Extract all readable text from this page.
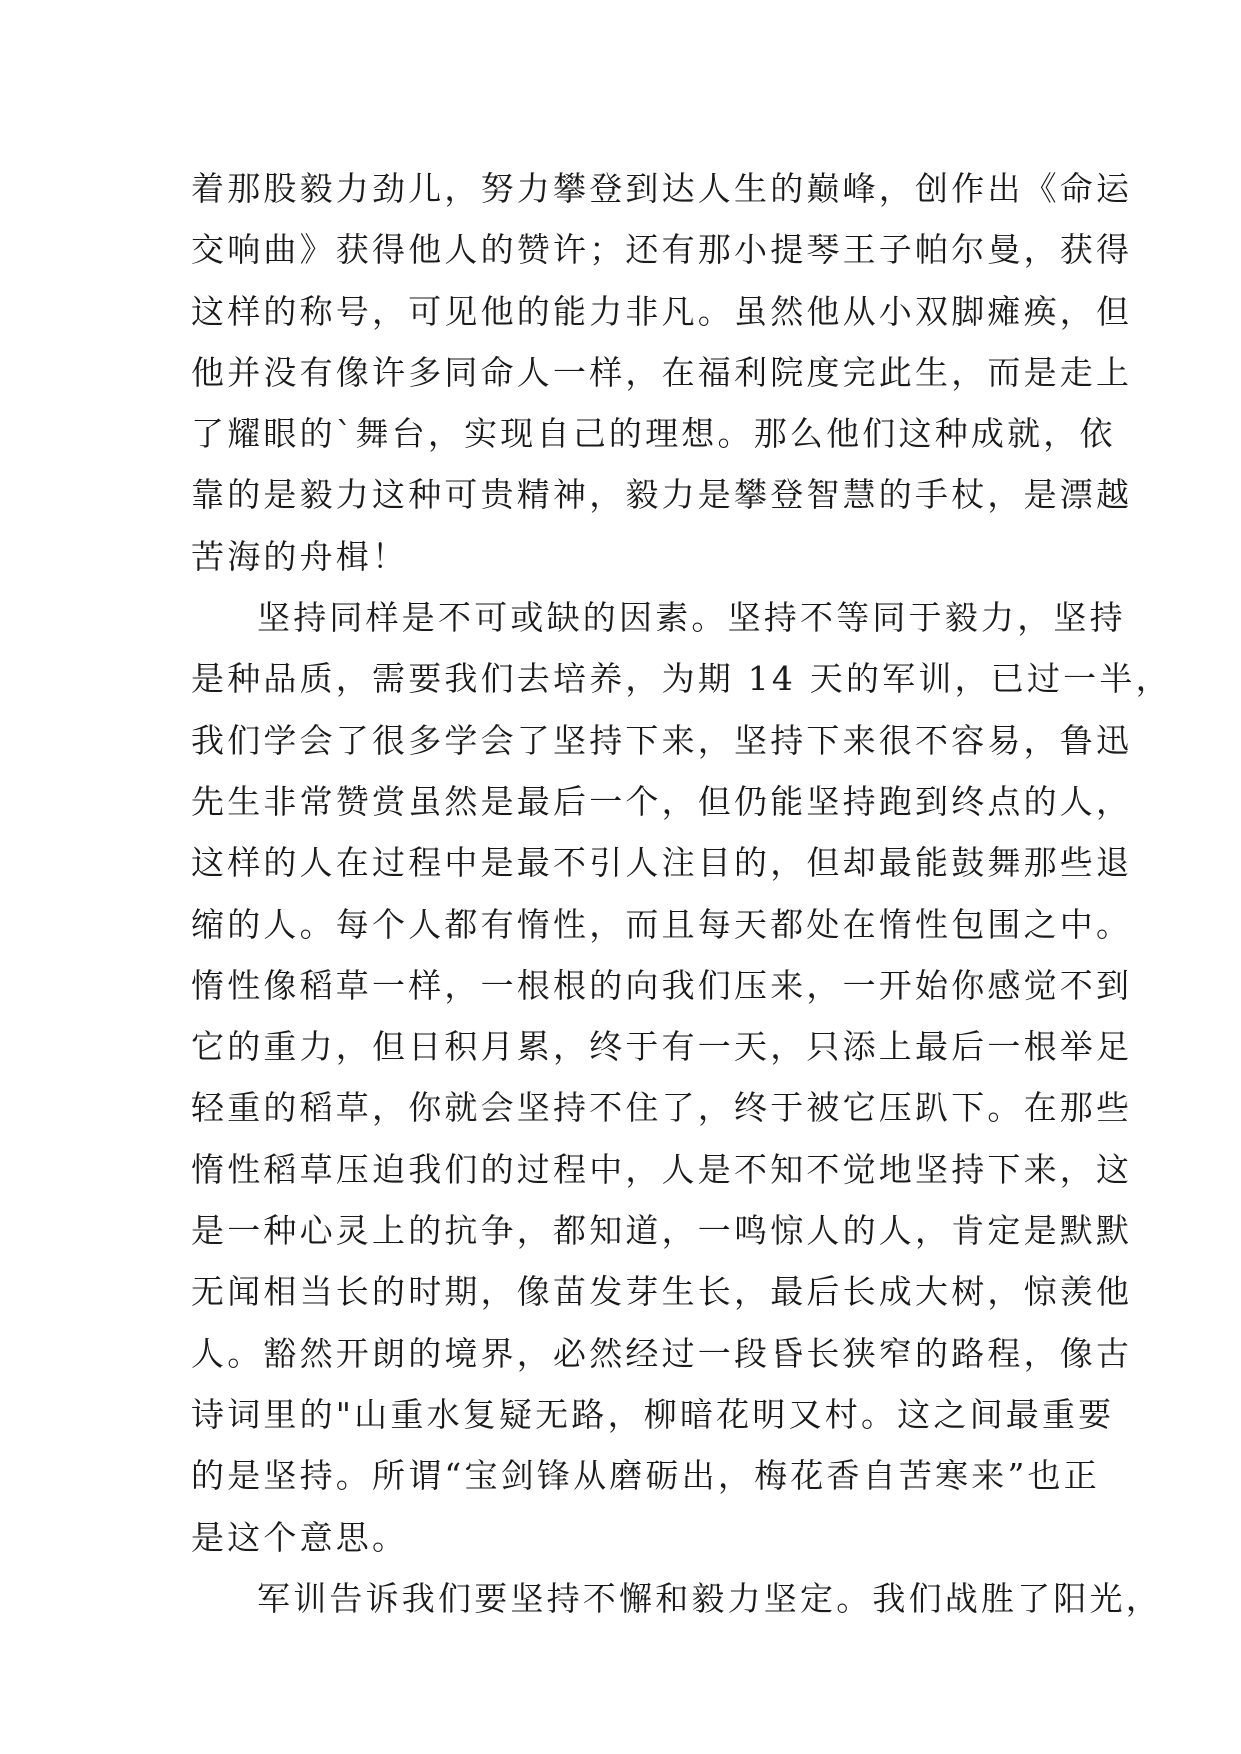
着那股毅力劲儿，努力攀登到达人生的巅峰，创作出《命运
交响曲》获得他人的赞许；还有那小提琴王子帕尔曼，获得
这样的称号，可见他的能力非凡。虽然他从小双脚瘫痪，但
他并没有像许多同命人一样，在福利院度完此生，而是走上
了耀眼的`舞台，实现自己的理想。那么他们这种成就，依
靠的是毅力这种可贵精神，毅力是攀登智慧的手杖，是漂越
苦海的舟楫！
坚持同样是不可或缺的因素。坚持不等同于毅力，坚持
是种品质，需要我们去培养，为期 14 天的军训，已过一半，
我们学会了很多学会了坚持下来，坚持下来很不容易，鲁迅
先生非常赞赏虽然是最后一个，但仍能坚持跑到终点的人，
这样的人在过程中是最不引人注目的，但却最能鼓舞那些退
缩的人。每个人都有惰性，而且每天都处在惰性包围之中。
惰性像稻草一样，一根根的向我们压来，一开始你感觉不到
它的重力，但日积月累，终于有一天，只添上最后一根举足
轻重的稻草，你就会坚持不住了，终于被它压趴下。在那些
惰性稻草压迫我们的过程中，人是不知不觉地坚持下来，这
是一种心灵上的抗争，都知道，一鸣惊人的人，肯定是默默
无闻相当长的时期，像苗发芽生长，最后长成大树，惊羡他
人。豁然开朗的境界，必然经过一段昏长狭窄的路程，像古
诗词里的"山重水复疑无路，柳暗花明又村。这之间最重要
的是坚持。所谓“宝剑锋从磨砺出，梅花香自苦寒来”也正
是这个意思。
军训告诉我们要坚持不懈和毅力坚定。我们战胜了阳光，
